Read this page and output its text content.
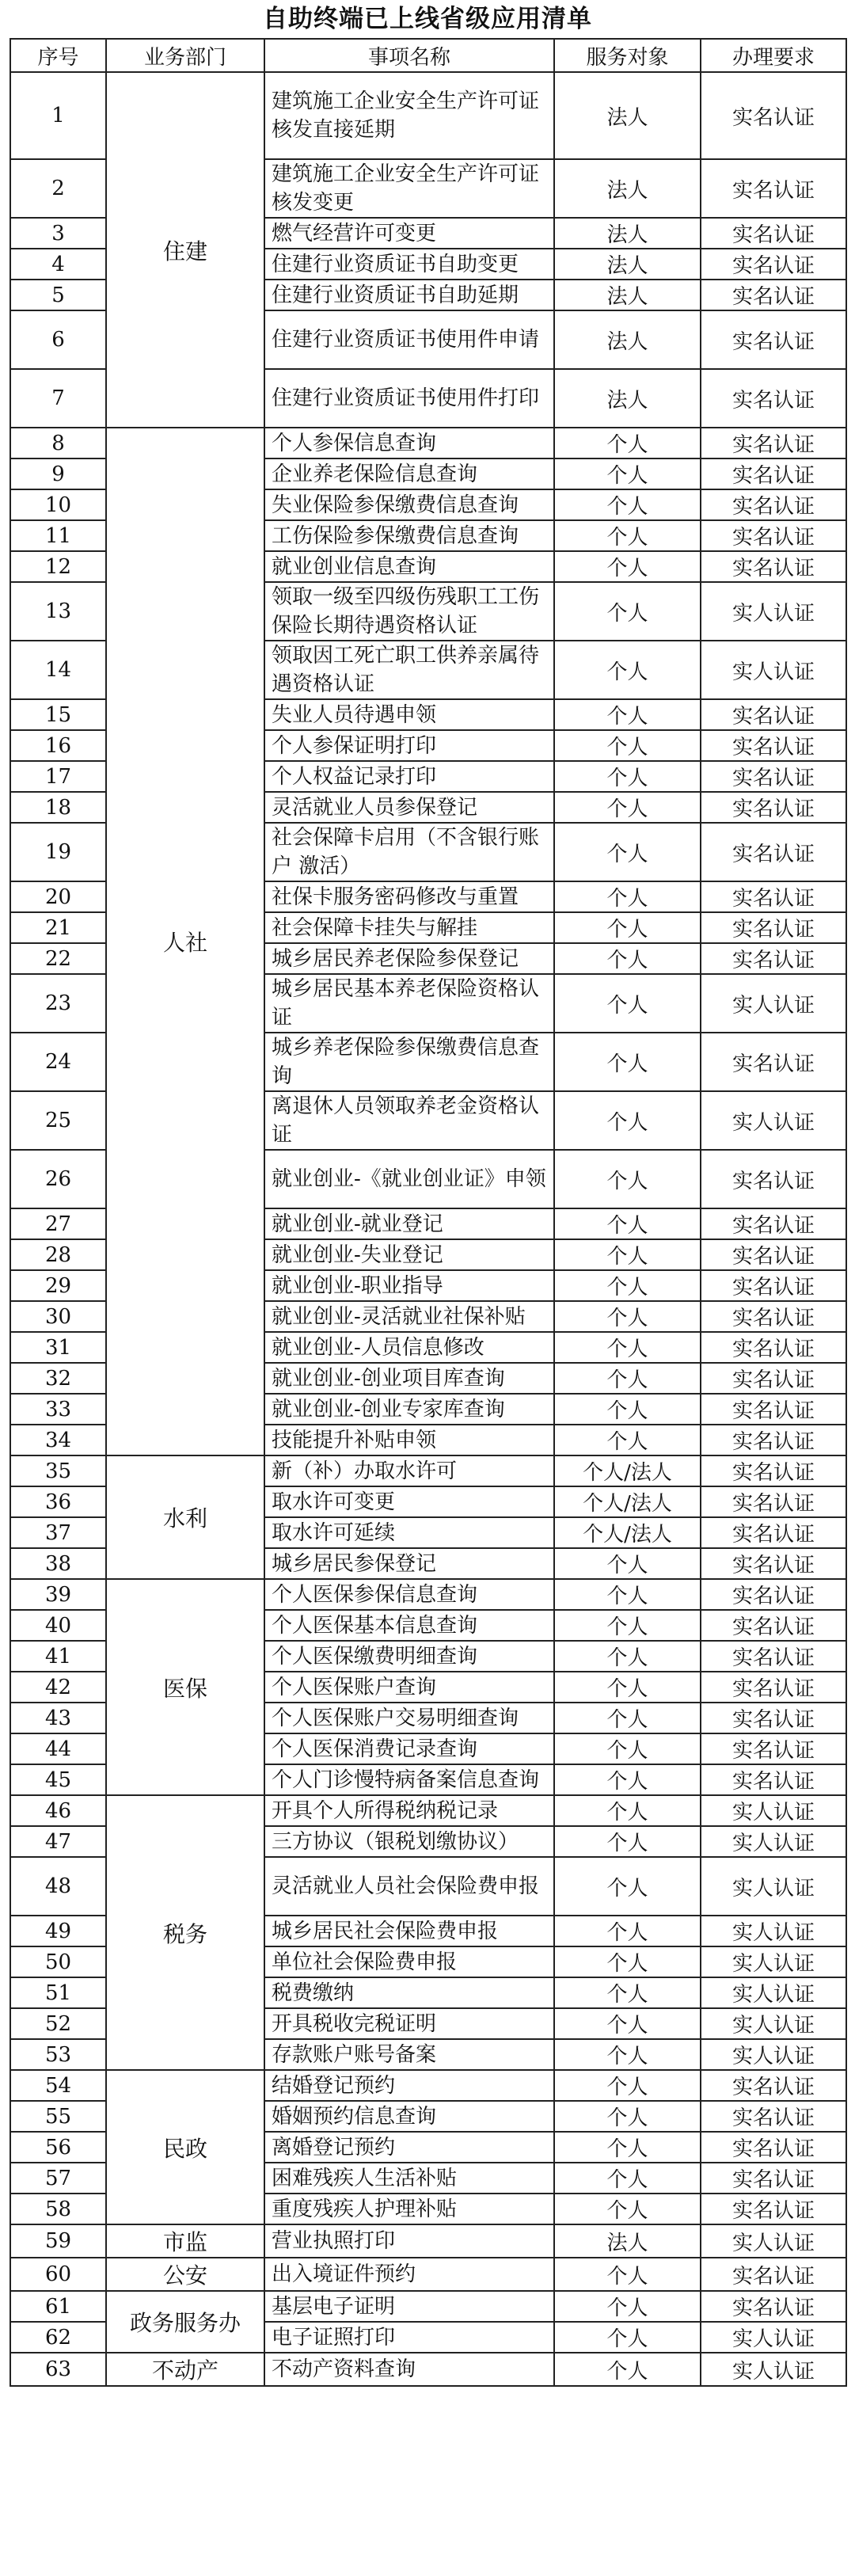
自助终端已上线省级应用清单
序号	业务部门	事项名称	服务对象	办理要求
1	住建	建筑施工企业安全生产许可证 核发直接延期	法人	实名认证
2		建筑施工企业安全生产许可证 核发变更	法人	实名认证
3		燃气经营许可变更	法人	实名认证
4		住建行业资质证书自助变更	法人	实名认证
5		住建行业资质证书自助延期	法人	实名认证
6		住建行业资质证书使用件申请	法人	实名认证
7		住建行业资质证书使用件打印	法人	实名认证
8	人社	个人参保信息查询	个人	实名认证
9		企业养老保险信息查询	个人	实名认证
10		失业保险参保缴费信息查询	个人	实名认证
11		工伤保险参保缴费信息查询	个人	实名认证
12		就业创业信息查询	个人	实名认证
13		领取一级至四级伤残职工工伤 保险长期待遇资格认证	个人	实人认证
14		领取因工死亡职工供养亲属待 遇资格认证	个人	实人认证
15		失业人员待遇申领	个人	实名认证
16		个人参保证明打印	个人	实名认证
17		个人权益记录打印	个人	实名认证
18		灵活就业人员参保登记	个人	实名认证
19		社会保障卡启用（不含银行账户 激活）	个人	实名认证
20		社保卡服务密码修改与重置	个人	实名认证
21		社会保障卡挂失与解挂	个人	实名认证
22		城乡居民养老保险参保登记	个人	实名认证
23		城乡居民基本养老保险资格认 证	个人	实人认证
24		城乡养老保险参保缴费信息查 询	个人	实名认证
25		离退休人员领取养老金资格认 证	个人	实人认证
26		就业创业-《就业创业证》申领	个人	实名认证
27		就业创业-就业登记	个人	实名认证
28		就业创业-失业登记	个人	实名认证
29		就业创业-职业指导	个人	实名认证
30		就业创业-灵活就业社保补贴	个人	实名认证
31		就业创业-人员信息修改	个人	实名认证
32		就业创业-创业项目库查询	个人	实名认证
33		就业创业-创业专家库查询	个人	实名认证
34		技能提升补贴申领	个人	实名认证
35	水利	新（补）办取水许可	个人/法人	实名认证
36		取水许可变更	个人/法人	实名认证
37		取水许可延续	个人/法人	实名认证
38		城乡居民参保登记	个人	实名认证
39	医保	个人医保参保信息查询	个人	实名认证
40		个人医保基本信息查询	个人	实名认证
41		个人医保缴费明细查询	个人	实名认证
42		个人医保账户查询	个人	实名认证
43		个人医保账户交易明细查询	个人	实名认证
44		个人医保消费记录查询	个人	实名认证
45		个人门诊慢特病备案信息查询	个人	实名认证
46	税务	开具个人所得税纳税记录	个人	实人认证
47		三方协议（银税划缴协议）	个人	实人认证
48		灵活就业人员社会保险费申报	个人	实人认证
49		城乡居民社会保险费申报	个人	实人认证
50		单位社会保险费申报	个人	实人认证
51		税费缴纳	个人	实人认证
52		开具税收完税证明	个人	实人认证
53		存款账户账号备案	个人	实人认证
54	民政	结婚登记预约	个人	实名认证
55		婚姻预约信息查询	个人	实名认证
56		离婚登记预约	个人	实名认证
57		困难残疾人生活补贴	个人	实名认证
58		重度残疾人护理补贴	个人	实名认证
59	市监	营业执照打印	法人	实人认证
60	公安	出入境证件预约	个人	实名认证
61	政务服务办	基层电子证明	个人	实名认证
62		电子证照打印	个人	实人认证
63	不动产	不动产资料查询	个人	实人认证
